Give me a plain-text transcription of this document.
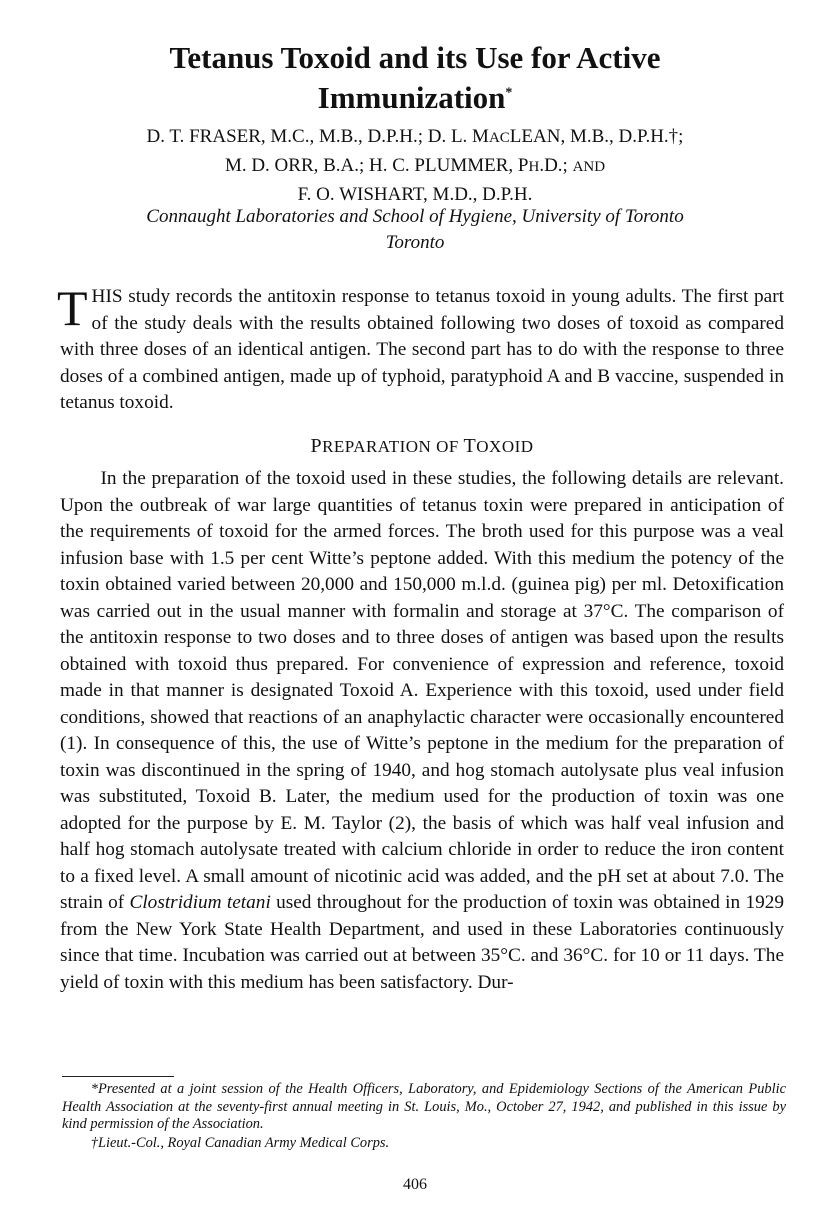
Tetanus Toxoid and its Use for Active
Immunization*
D. T. FRASER, M.C., M.B., D.P.H.; D. L. MACLEAN, M.B., D.P.H.†;
M. D. ORR, B.A.; H. C. PLUMMER, PH.D.; AND
F. O. WISHART, M.D., D.P.H.
Connaught Laboratories and School of Hygiene, University of Toronto
Toronto

THIS study records the antitoxin response to tetanus toxoid in young adults. The first part of the study deals with the results obtained following two doses of toxoid as compared with three doses of an identical antigen. The second part has to do with the response to three doses of a combined antigen, made up of typhoid, paratyphoid A and B vaccine, suspended in tetanus toxoid.

PREPARATION OF TOXOID

In the preparation of the toxoid used in these studies, the following details are relevant. Upon the outbreak of war large quantities of tetanus toxin were prepared in anticipation of the requirements of toxoid for the armed forces. The broth used for this purpose was a veal infusion base with 1.5 per cent Witte’s peptone added. With this medium the potency of the toxin obtained varied between 20,000 and 150,000 m.l.d. (guinea pig) per ml. Detoxification was carried out in the usual manner with formalin and storage at 37°C. The comparison of the antitoxin response to two doses and to three doses of antigen was based upon the results obtained with toxoid thus prepared. For convenience of expression and reference, toxoid made in that manner is designated Toxoid A. Experience with this toxoid, used under field conditions, showed that reactions of an anaphylactic character were occasionally encountered (1). In consequence of this, the use of Witte’s peptone in the medium for the preparation of toxin was discontinued in the spring of 1940, and hog stomach autolysate plus veal infusion was substituted, Toxoid B. Later, the medium used for the production of toxin was one adopted for the purpose by E. M. Taylor (2), the basis of which was half veal infusion and half hog stomach autolysate treated with calcium chloride in order to reduce the iron content to a fixed level. A small amount of nicotinic acid was added, and the pH set at about 7.0. The strain of Clostridium tetani used throughout for the production of toxin was obtained in 1929 from the New York State Health Department, and used in these Laboratories continuously since that time. Incubation was carried out at between 35°C. and 36°C. for 10 or 11 days. The yield of toxin with this medium has been satisfactory. Dur-

*Presented at a joint session of the Health Officers, Laboratory, and Epidemiology Sections of the American Public Health Association at the seventy-first annual meeting in St. Louis, Mo., October 27, 1942, and published in this issue by kind permission of the Association.

†Lieut.-Col., Royal Canadian Army Medical Corps.

406
